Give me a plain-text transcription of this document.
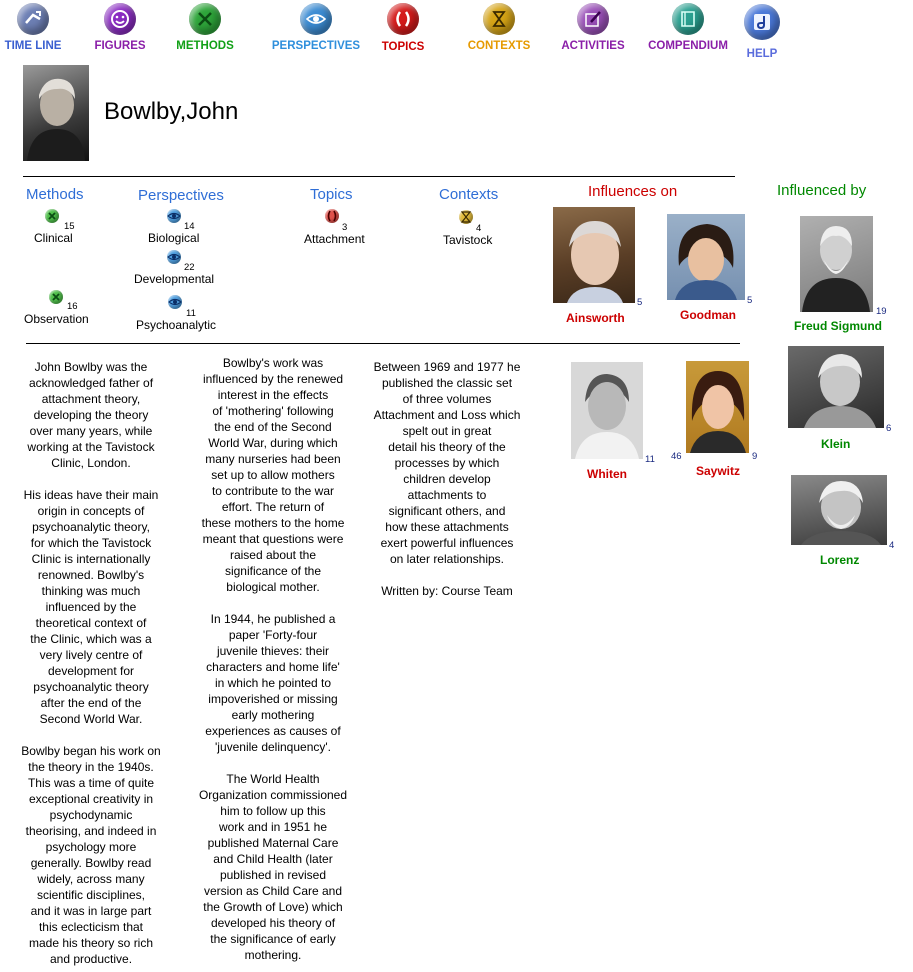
TIME LINE	FIGURES	METHODS	PERSPECTIVES	TOPICS	CONTEXTS	ACTIVITIES COMPENDIUM
HELP
Bowlby,John
Methods	Perspectives	Topics	Contexts
15
Clinical
16
Observation
14
Biological
22
Developmental
11
Psychoanalytic
3
Attachment
4
Tavistock
Influences on
5
Ainsworth
5
Goodman
11
Whiten
46	9
Saywitz
Influenced by
19
Freud Sigmund
6
Klein
4
Lorenz
John Bowlby was the
acknowledged father of
attachment theory,
developing the theory
over many years, while
working at the Tavistock
Clinic, London.

His ideas have their main
origin in concepts of
psychoanalytic theory,
for which the Tavistock
Clinic is internationally
renowned. Bowlby's
thinking was much
influenced by the
theoretical context of
the Clinic, which was a
very lively centre of
development for
psychoanalytic theory
after the end of the
Second World War.

Bowlby began his work on
the theory in the 1940s.
This was a time of quite
exceptional creativity in
psychodynamic
theorising, and indeed in
psychology more
generally. Bowlby read
widely, across many
scientific disciplines,
and it was in large part
this eclecticism that
made his theory so rich
and productive.
Bowlby's work was
influenced by the renewed
interest in the effects
of 'mothering' following
the end of the Second
World War, during which
many nurseries had been
set up to allow mothers
to contribute to the war
effort. The return of
these mothers to the home
meant that questions were
raised about the
significance of the
biological mother.

In 1944, he published a
paper 'Forty-four
juvenile thieves: their
characters and home life'
in which he pointed to
impoverished or missing
early mothering
experiences as causes of
'juvenile delinquency'.

The World Health
Organization commissioned
him to follow up this
work and in 1951 he
published Maternal Care
and Child Health (later
published in revised
version as Child Care and
the Growth of Love) which
developed his theory of
the significance of early
mothering.
Between 1969 and 1977 he
published the classic set
of three volumes
Attachment and Loss which
spelt out in great
detail his theory of the
processes by which
children develop
attachments to
significant others, and
how these attachments
exert powerful influences
on later relationships.

Written by: Course Team
